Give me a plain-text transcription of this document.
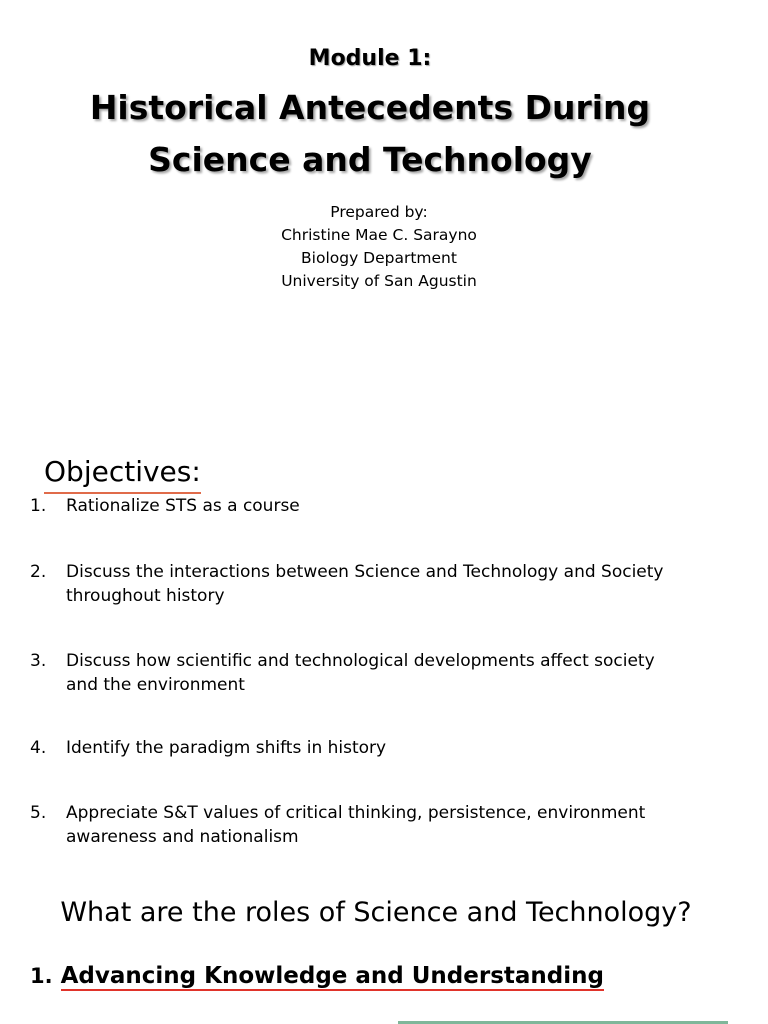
Module 1:
Historical Antecedents During
Science and Technology
Prepared by:
Christine Mae C. Sarayno
Biology Department
University of San Agustin
Objectives:
1.	Rationalize STS as a course
2.	Discuss the interactions between Science and Technology and Society throughout history
3.	Discuss how scientific and technological developments affect society and the environment
4.	Identify the paradigm shifts in history
5.	Appreciate S&T values of critical thinking, persistence, environment awareness and nationalism
What are the roles of Science and Technology?
1. Advancing Knowledge and Understanding
